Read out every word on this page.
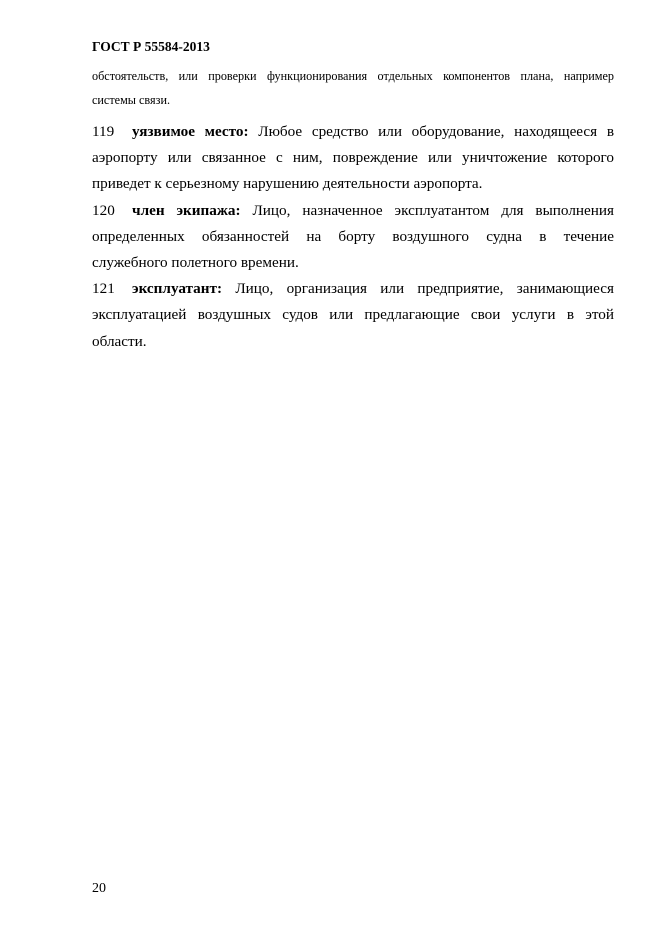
ГОСТ Р 55584-2013
обстоятельств, или проверки функционирования отдельных компонентов плана, например
системы связи.
119 уязвимое место: Любое средство или оборудование, находящееся в
аэропорту или связанное с ним, повреждение или уничтожение которого
приведет к серьезному нарушению деятельности аэропорта.
120 член экипажа: Лицо, назначенное эксплуатантом для выполнения
определенных обязанностей на борту воздушного судна в течение
служебного полетного времени.
121 эксплуатант: Лицо, организация или предприятие, занимающиеся
эксплуатацией воздушных судов или предлагающие свои услуги в этой
области.
20
